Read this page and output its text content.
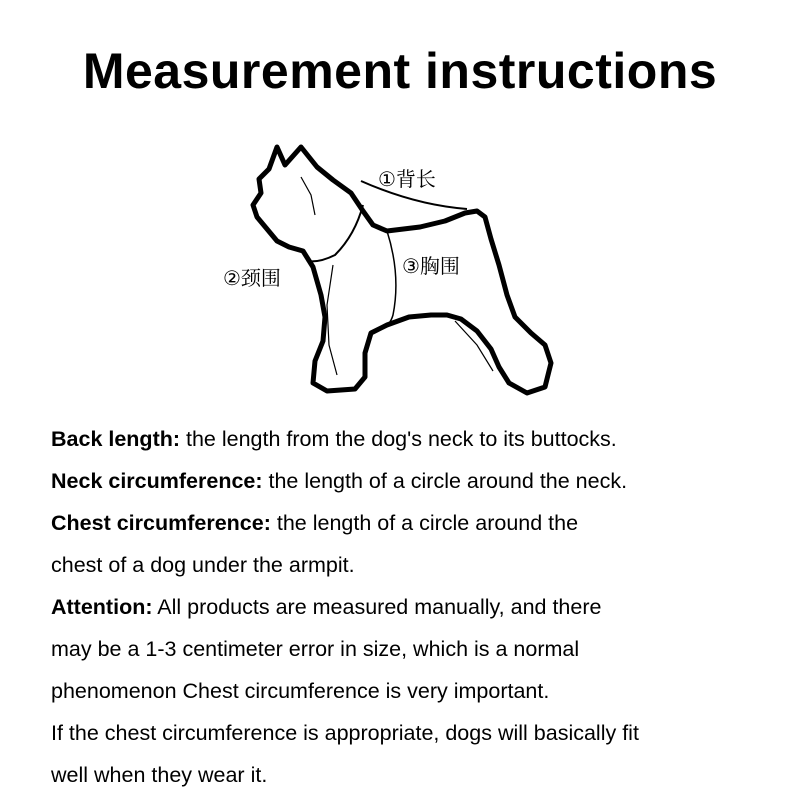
Measurement instructions
①背长
②颈围	③胸围
Back length: the length from the dog's neck to its buttocks.
Neck circumference: the length of a circle around the neck.
Chest circumference: the length of a circle around the
chest of a dog under the armpit.
Attention: All products are measured manually, and there
may be a 1-3 centimeter error in size, which is a normal
phenomenon Chest circumference is very important.
If the chest circumference is appropriate, dogs will basically fit
well when they wear it.
